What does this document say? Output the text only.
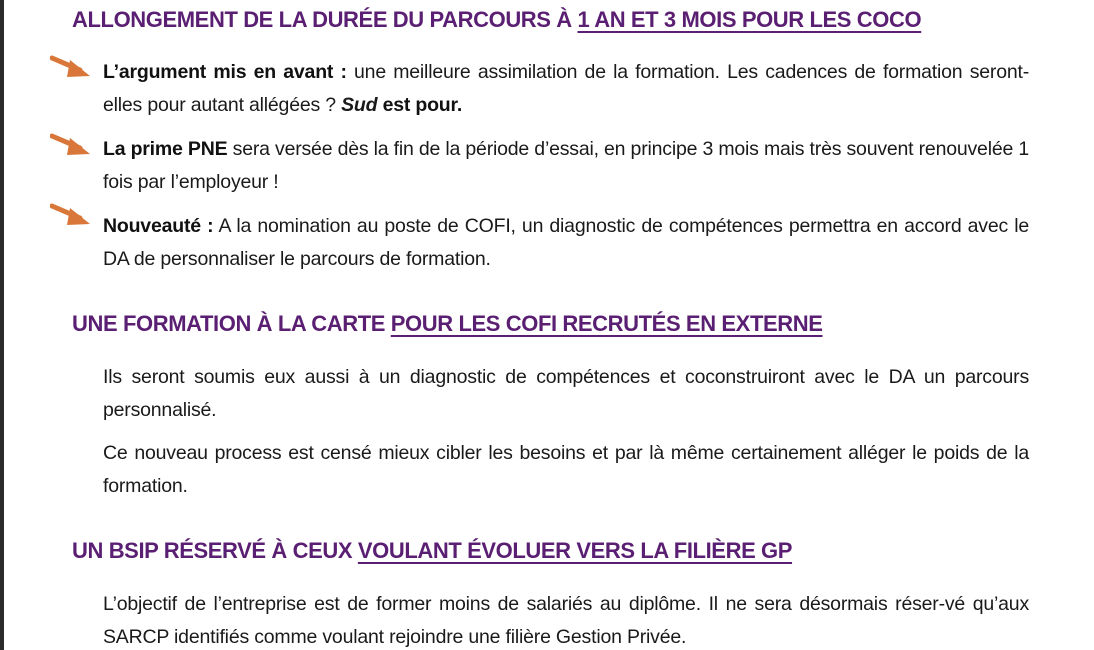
ALLONGEMENT DE LA DURÉE DU PARCOURS À 1 AN ET 3 MOIS POUR LES COCO

L’argument mis en avant : une meilleure assimilation de la formation. Les cadences de formation seront-elles pour autant allégées ? Sud est pour.

La prime PNE sera versée dès la fin de la période d’essai, en principe 3 mois mais très souvent renouvelée 1 fois par l’employeur !

Nouveauté : A la nomination au poste de COFI, un diagnostic de compétences permettra en accord avec le DA de personnaliser le parcours de formation.

UNE FORMATION À LA CARTE POUR LES COFI RECRUTÉS EN EXTERNE

Ils seront soumis eux aussi à un diagnostic de compétences et coconstruiront avec le DA un parcours personnalisé.

Ce nouveau process est censé mieux cibler les besoins et par là même certainement alléger le poids de la formation.

UN BSIP RÉSERVÉ À CEUX VOULANT ÉVOLUER VERS LA FILIÈRE GP

L’objectif de l’entreprise est de former moins de salariés au diplôme. Il ne sera désormais réser-vé qu’aux SARCP identifiés comme voulant rejoindre une filière Gestion Privée.
